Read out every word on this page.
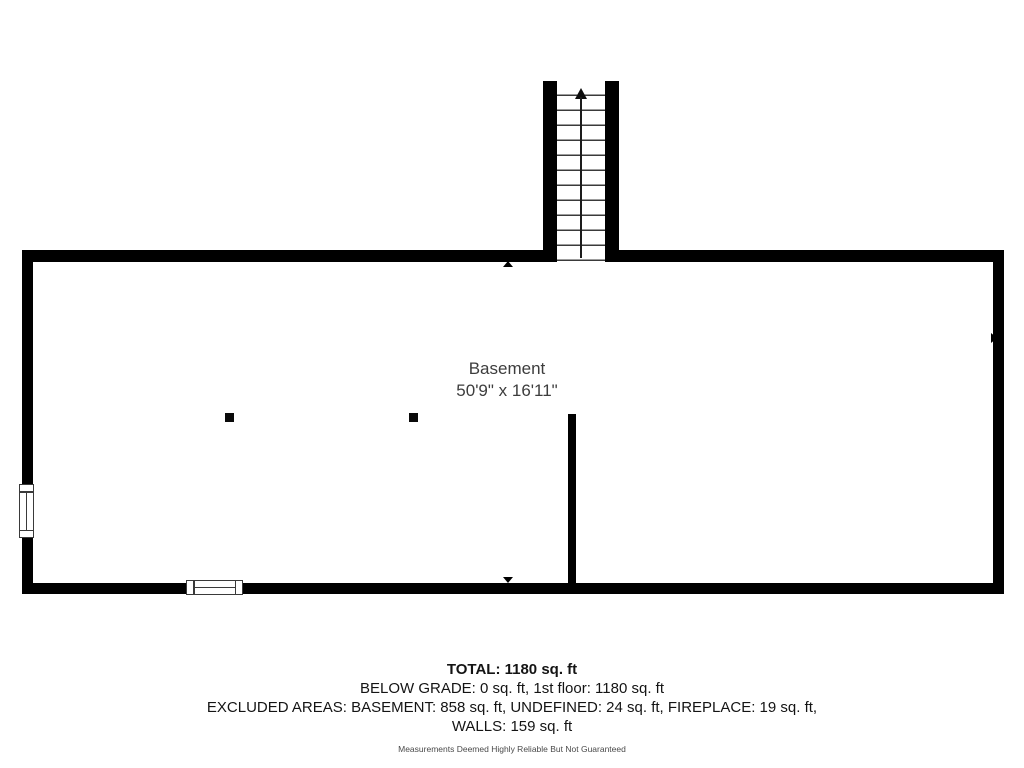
Basement
50'9" x 16'11"
TOTAL: 1180 sq. ft
BELOW GRADE: 0 sq. ft, 1st floor: 1180 sq. ft
EXCLUDED AREAS: BASEMENT: 858 sq. ft, UNDEFINED: 24 sq. ft, FIREPLACE: 19 sq. ft,
WALLS: 159 sq. ft
Measurements Deemed Highly Reliable But Not Guaranteed
